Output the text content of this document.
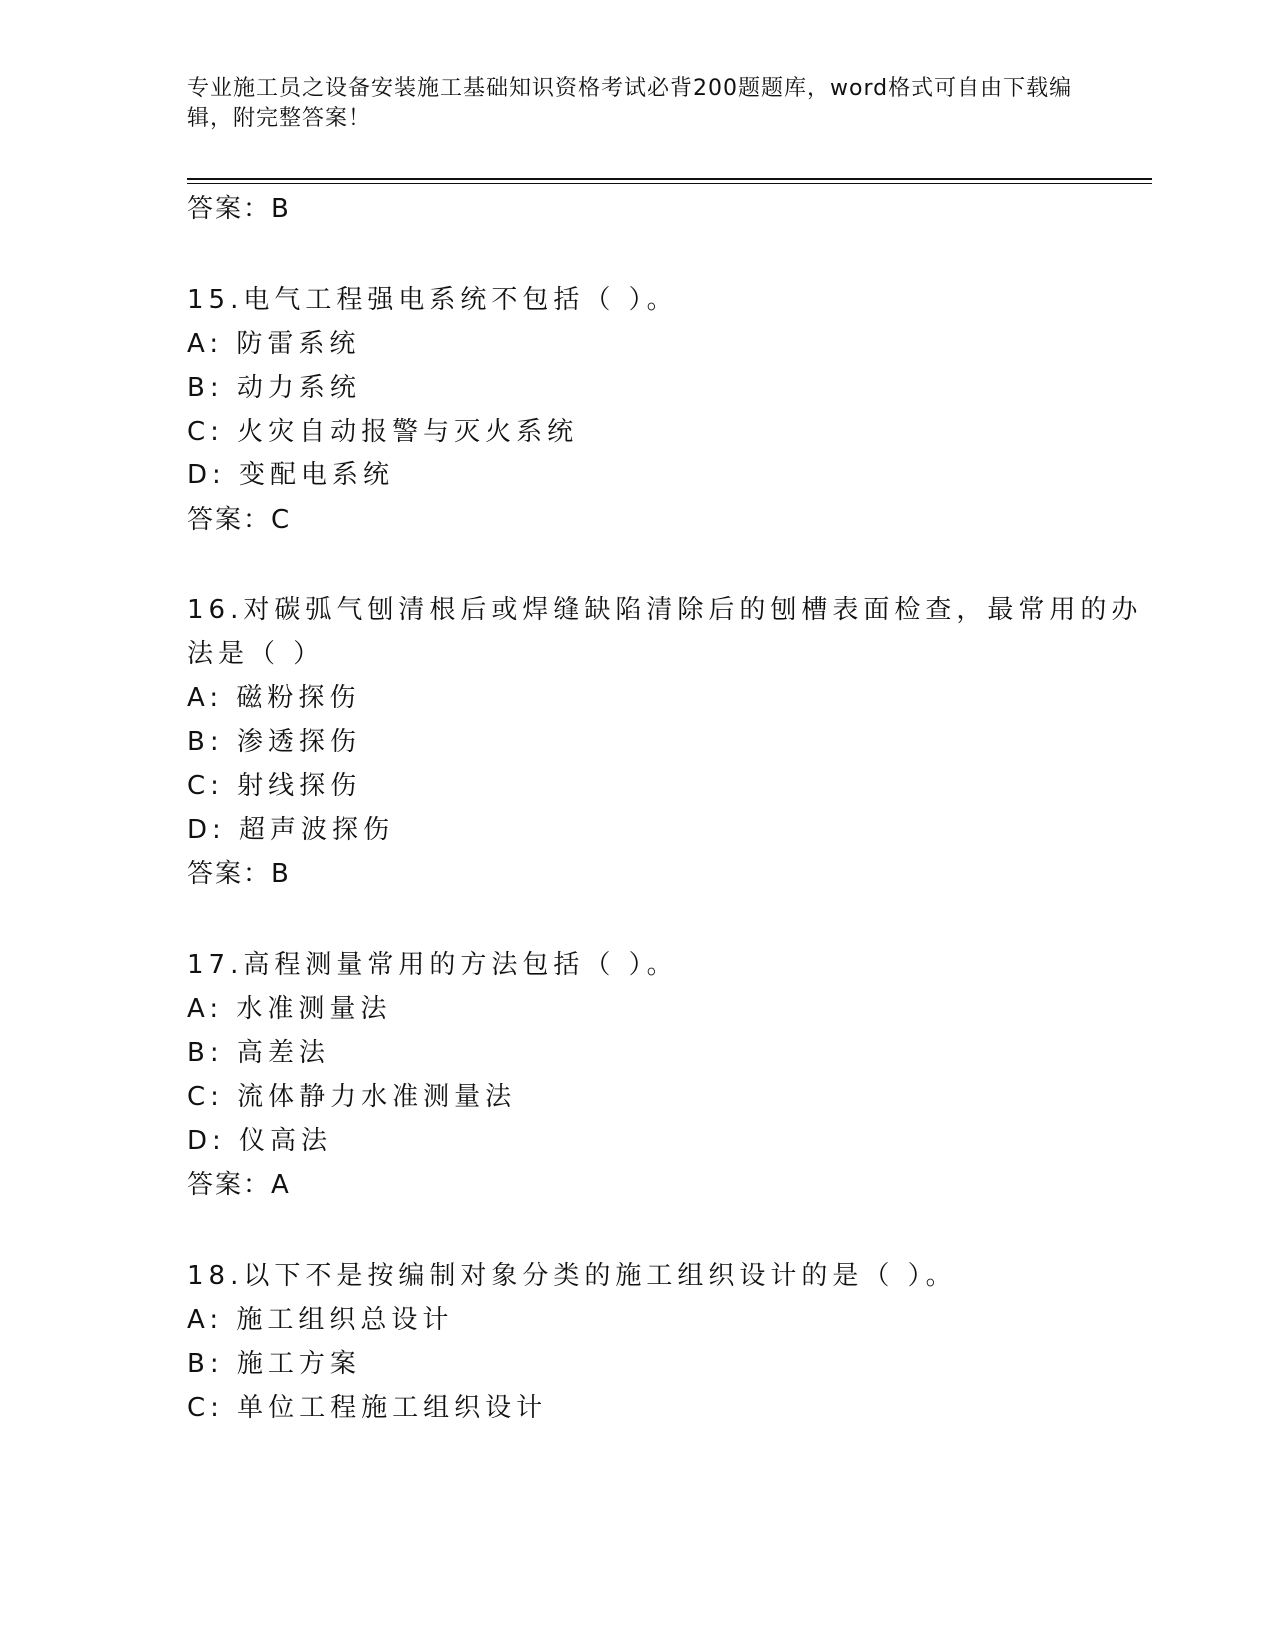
专业施工员之设备安装施工基础知识资格考试必背200题题库，word格式可自由下载编辑，附完整答案！
答案：B
15.电气工程强电系统不包括（ ）。
A: 防雷系统
B: 动力系统
C: 火灾自动报警与灭火系统
D: 变配电系统
答案：C
16.对碳弧气刨清根后或焊缝缺陷清除后的刨槽表面检查，最常用的办
法是（ ）
A: 磁粉探伤
B: 渗透探伤
C: 射线探伤
D: 超声波探伤
答案：B
17.高程测量常用的方法包括（ ）。
A: 水准测量法
B: 高差法
C: 流体静力水准测量法
D: 仪高法
答案：A
18.以下不是按编制对象分类的施工组织设计的是（ ）。
A: 施工组织总设计
B: 施工方案
C: 单位工程施工组织设计
